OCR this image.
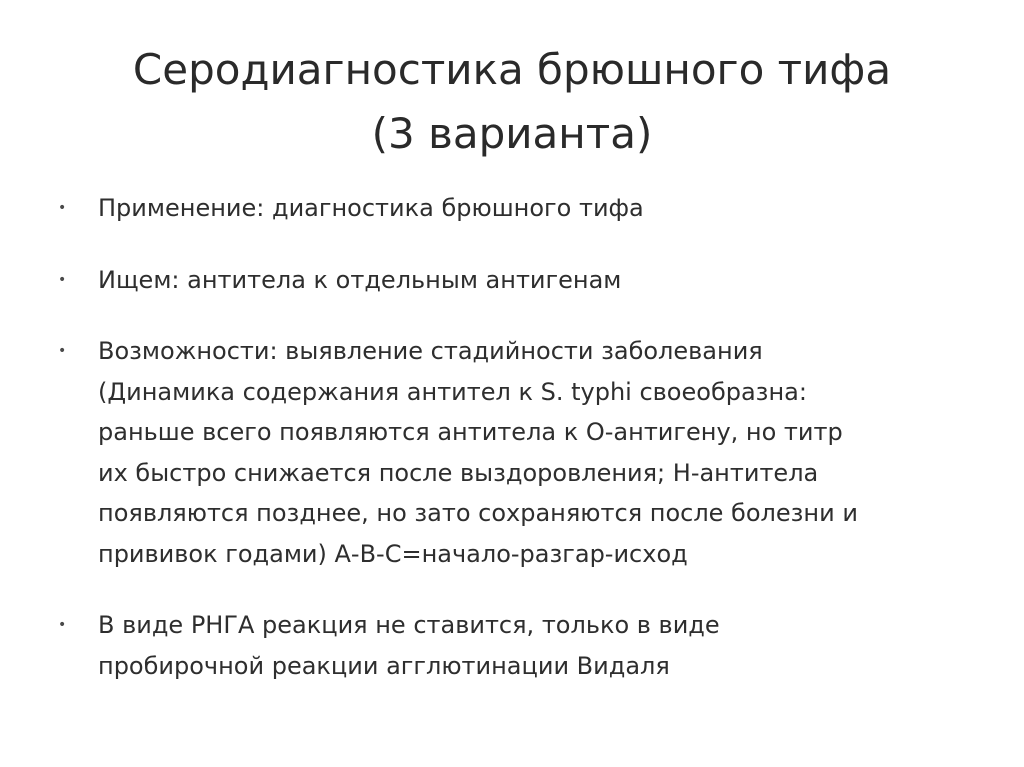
Серодиагностика брюшного тифа
(3 варианта)
• Применение: диагностика брюшного тифа
• Ищем: антитела к отдельным антигенам
• Возможности: выявление стадийности заболевания
(Динамика содержания антител к S. typhi своеобразна:
раньше всего появляются антитела к О-антигену, но титр
их быстро снижается после выздоровления; Н-антитела
появляются позднее, но зато сохраняются после болезни и
прививок годами) А-В-С=начало-разгар-исход
• В виде РНГА реакция не ставится, только в виде
пробирочной реакции агглютинации Видаля
